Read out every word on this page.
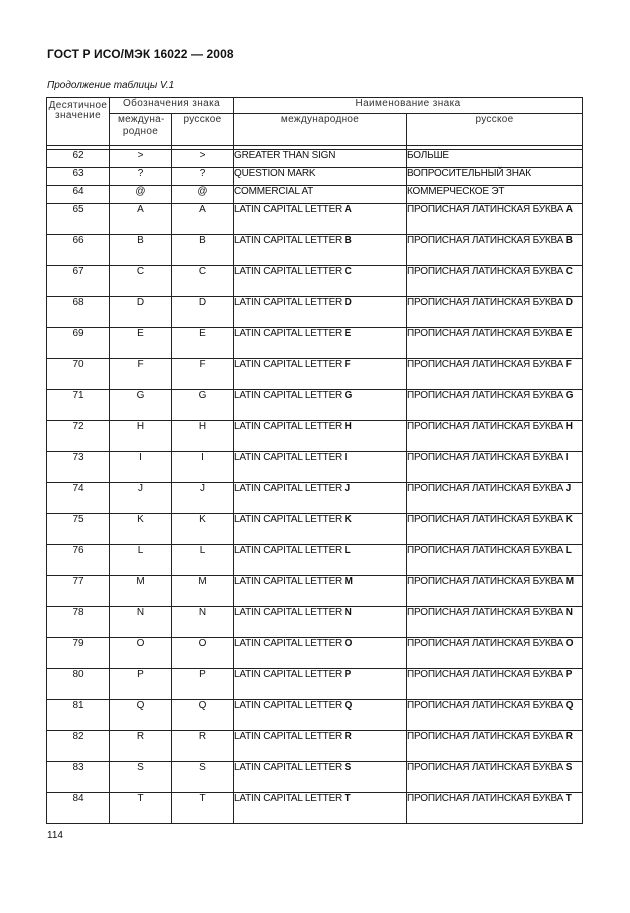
ГОСТ Р ИСО/МЭК 16022 — 2008
Продолжение таблицы V.1
Десятичное значение	Обозначения знака		Наименование знака	
	междуна-родное	русское	международное	русское

62	>	>	GREATER THAN SIGN	БОЛЬШЕ
63	?	?	QUESTION MARK	ВОПРОСИТЕЛЬНЫЙ ЗНАК
64	@	@	COMMERCIAL AT	КОММЕРЧЕСКОЕ ЭТ
65	A	A	LATIN CAPITAL LETTER A	ПРОПИСНАЯ ЛАТИНСКАЯ БУКВА A
66	B	B	LATIN CAPITAL LETTER B	ПРОПИСНАЯ ЛАТИНСКАЯ БУКВА B
67	C	C	LATIN CAPITAL LETTER C	ПРОПИСНАЯ ЛАТИНСКАЯ БУКВА C
68	D	D	LATIN CAPITAL LETTER D	ПРОПИСНАЯ ЛАТИНСКАЯ БУКВА D
69	E	E	LATIN CAPITAL LETTER E	ПРОПИСНАЯ ЛАТИНСКАЯ БУКВА E
70	F	F	LATIN CAPITAL LETTER F	ПРОПИСНАЯ ЛАТИНСКАЯ БУКВА F
71	G	G	LATIN CAPITAL LETTER G	ПРОПИСНАЯ ЛАТИНСКАЯ БУКВА G
72	H	H	LATIN CAPITAL LETTER H	ПРОПИСНАЯ ЛАТИНСКАЯ БУКВА H
73	I	I	LATIN CAPITAL LETTER I	ПРОПИСНАЯ ЛАТИНСКАЯ БУКВА I
74	J	J	LATIN CAPITAL LETTER J	ПРОПИСНАЯ ЛАТИНСКАЯ БУКВА J
75	K	K	LATIN CAPITAL LETTER K	ПРОПИСНАЯ ЛАТИНСКАЯ БУКВА K
76	L	L	LATIN CAPITAL LETTER L	ПРОПИСНАЯ ЛАТИНСКАЯ БУКВА L
77	M	M	LATIN CAPITAL LETTER M	ПРОПИСНАЯ ЛАТИНСКАЯ БУКВА M
78	N	N	LATIN CAPITAL LETTER N	ПРОПИСНАЯ ЛАТИНСКАЯ БУКВА N
79	O	O	LATIN CAPITAL LETTER O	ПРОПИСНАЯ ЛАТИНСКАЯ БУКВА O
80	P	P	LATIN CAPITAL LETTER P	ПРОПИСНАЯ ЛАТИНСКАЯ БУКВА P
81	Q	Q	LATIN CAPITAL LETTER Q	ПРОПИСНАЯ ЛАТИНСКАЯ БУКВА Q
82	R	R	LATIN CAPITAL LETTER R	ПРОПИСНАЯ ЛАТИНСКАЯ БУКВА R
83	S	S	LATIN CAPITAL LETTER S	ПРОПИСНАЯ ЛАТИНСКАЯ БУКВА S
84	T	T	LATIN CAPITAL LETTER T	ПРОПИСНАЯ ЛАТИНСКАЯ БУКВА T
114
